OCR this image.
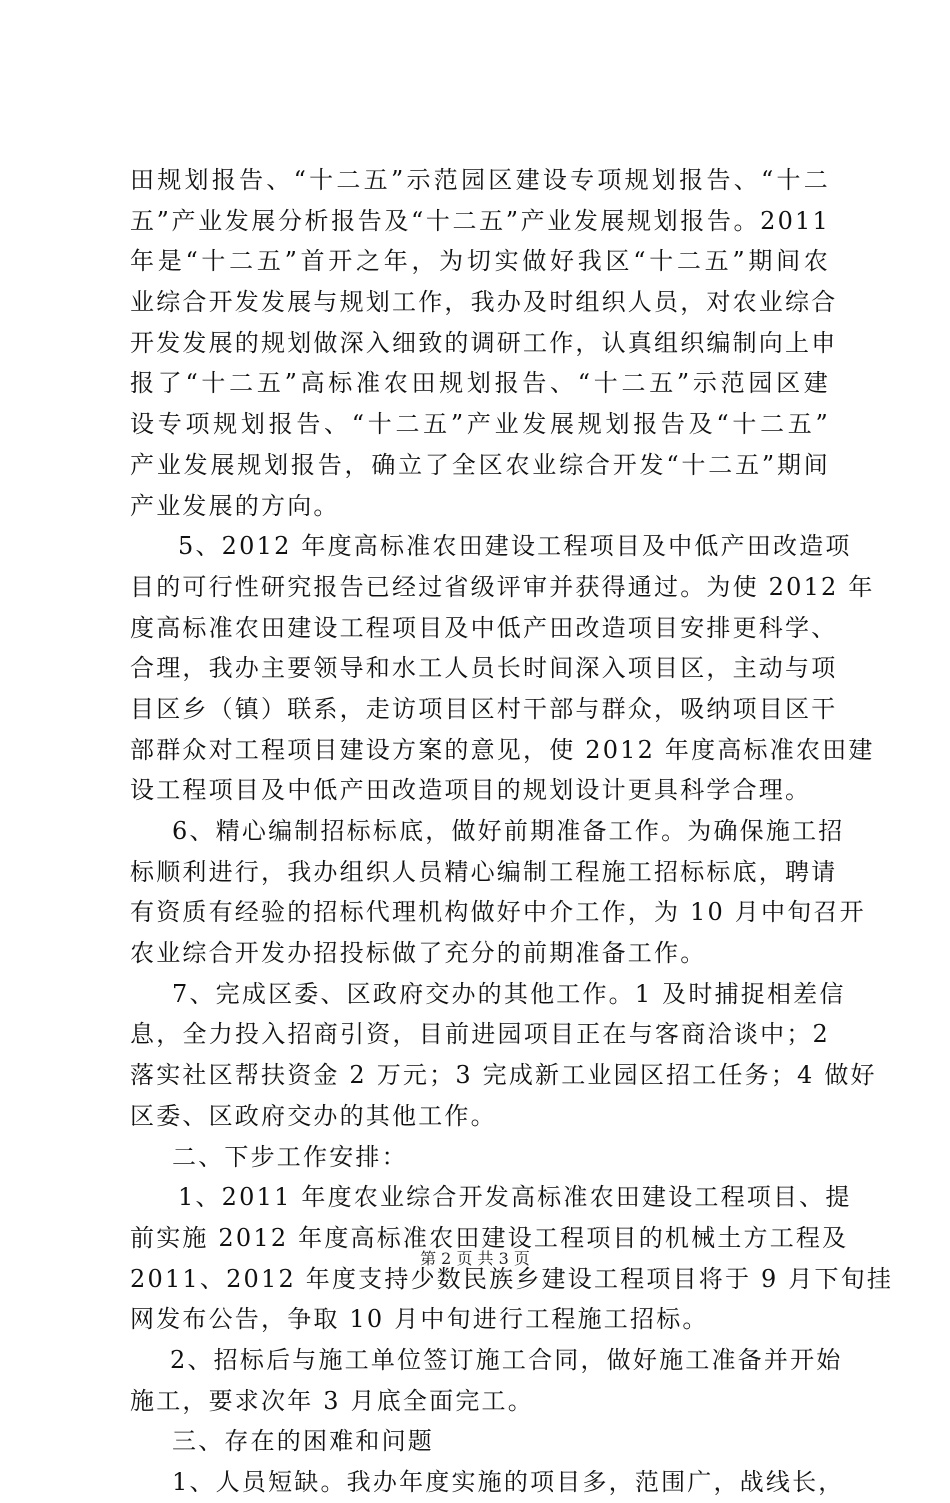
田规划报告、“十二五”示范园区建设专项规划报告、“十二
五”产业发展分析报告及“十二五”产业发展规划报告。2011
年是“十二五”首开之年，为切实做好我区“十二五”期间农
业综合开发发展与规划工作，我办及时组织人员，对农业综合
开发发展的规划做深入细致的调研工作，认真组织编制向上申
报了“十二五”高标准农田规划报告、“十二五”示范园区建
设专项规划报告、“十二五”产业发展规划报告及“十二五”
产业发展规划报告，确立了全区农业综合开发“十二五”期间
产业发展的方向。
5、2012 年度高标准农田建设工程项目及中低产田改造项
目的可行性研究报告已经过省级评审并获得通过。为使 2012 年
度高标准农田建设工程项目及中低产田改造项目安排更科学、
合理，我办主要领导和水工人员长时间深入项目区，主动与项
目区乡（镇）联系，走访项目区村干部与群众，吸纳项目区干
部群众对工程项目建设方案的意见，使 2012 年度高标准农田建
设工程项目及中低产田改造项目的规划设计更具科学合理。
6、精心编制招标标底，做好前期准备工作。为确保施工招
标顺利进行，我办组织人员精心编制工程施工招标标底，聘请
有资质有经验的招标代理机构做好中介工作，为 10 月中旬召开
农业综合开发办招投标做了充分的前期准备工作。
7、完成区委、区政府交办的其他工作。1 及时捕捉相差信
息，全力投入招商引资，目前进园项目正在与客商洽谈中；2
落实社区帮扶资金 2 万元；3 完成新工业园区招工任务；4 做好
区委、区政府交办的其他工作。
二、下步工作安排：
1、2011 年度农业综合开发高标准农田建设工程项目、提
前实施 2012 年度高标准农田建设工程项目的机械土方工程及
2011、2012 年度支持少数民族乡建设工程项目将于 9 月下旬挂
网发布公告，争取 10 月中旬进行工程施工招标。
2、招标后与施工单位签订施工合同，做好施工准备并开始
施工，要求次年 3 月底全面完工。
三、存在的困难和问题
1、人员短缺。我办年度实施的项目多，范围广，战线长，
第 2 页 共 3 页
